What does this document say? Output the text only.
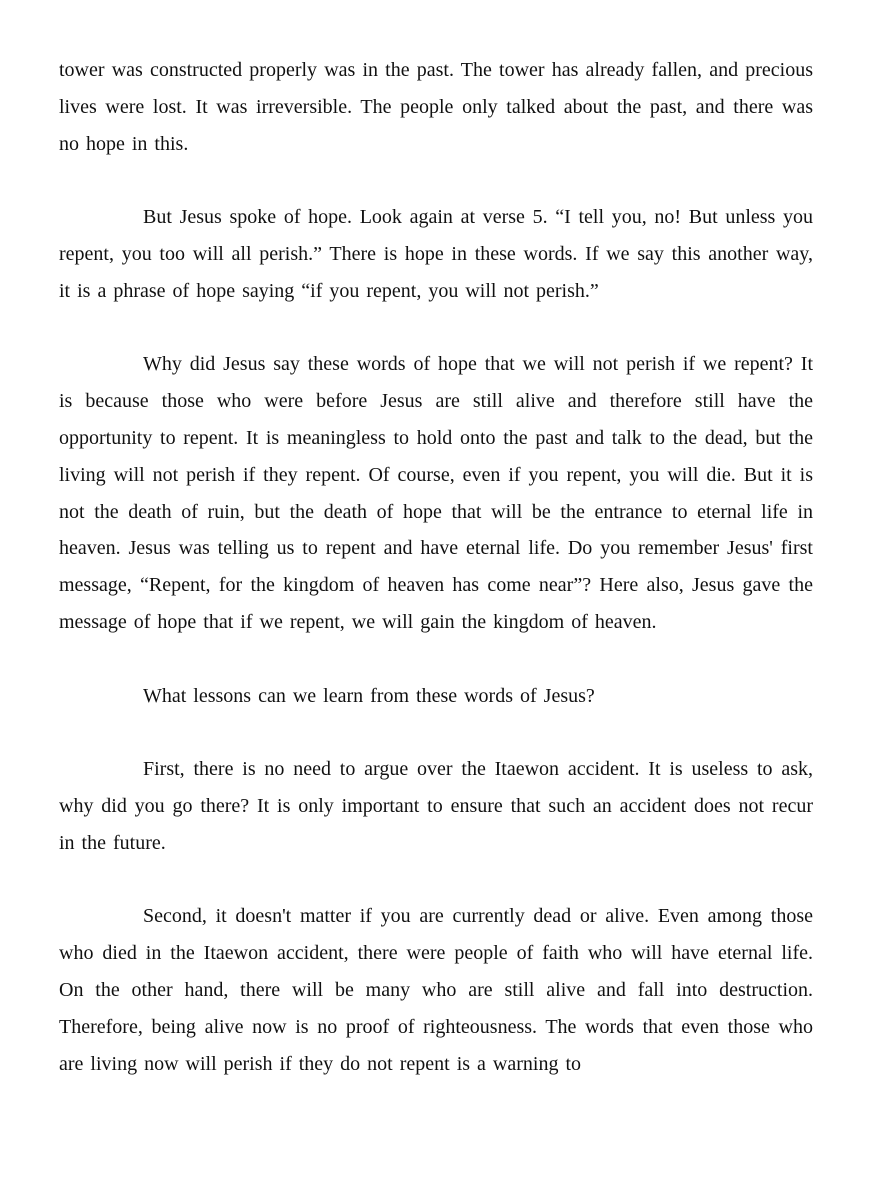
tower was constructed properly was in the past. The tower has already fallen, and precious lives were lost. It was irreversible. The people only talked about the past, and there was no hope in this.

But Jesus spoke of hope. Look again at verse 5. “I tell you, no! But unless you repent, you too will all perish.” There is hope in these words. If we say this another way, it is a phrase of hope saying “if you repent, you will not perish.”

Why did Jesus say these words of hope that we will not perish if we repent? It is because those who were before Jesus are still alive and therefore still have the opportunity to repent. It is meaningless to hold onto the past and talk to the dead, but the living will not perish if they repent. Of course, even if you repent, you will die. But it is not the death of ruin, but the death of hope that will be the entrance to eternal life in heaven. Jesus was telling us to repent and have eternal life. Do you remember Jesus' first message, “Repent, for the kingdom of heaven has come near”? Here also, Jesus gave the message of hope that if we repent, we will gain the kingdom of heaven.

What lessons can we learn from these words of Jesus?

First, there is no need to argue over the Itaewon accident. It is useless to ask, why did you go there? It is only important to ensure that such an accident does not recur in the future.

Second, it doesn't matter if you are currently dead or alive. Even among those who died in the Itaewon accident, there were people of faith who will have eternal life. On the other hand, there will be many who are still alive and fall into destruction. Therefore, being alive now is no proof of righteousness. The words that even those who are living now will perish if they do not repent is a warning to
